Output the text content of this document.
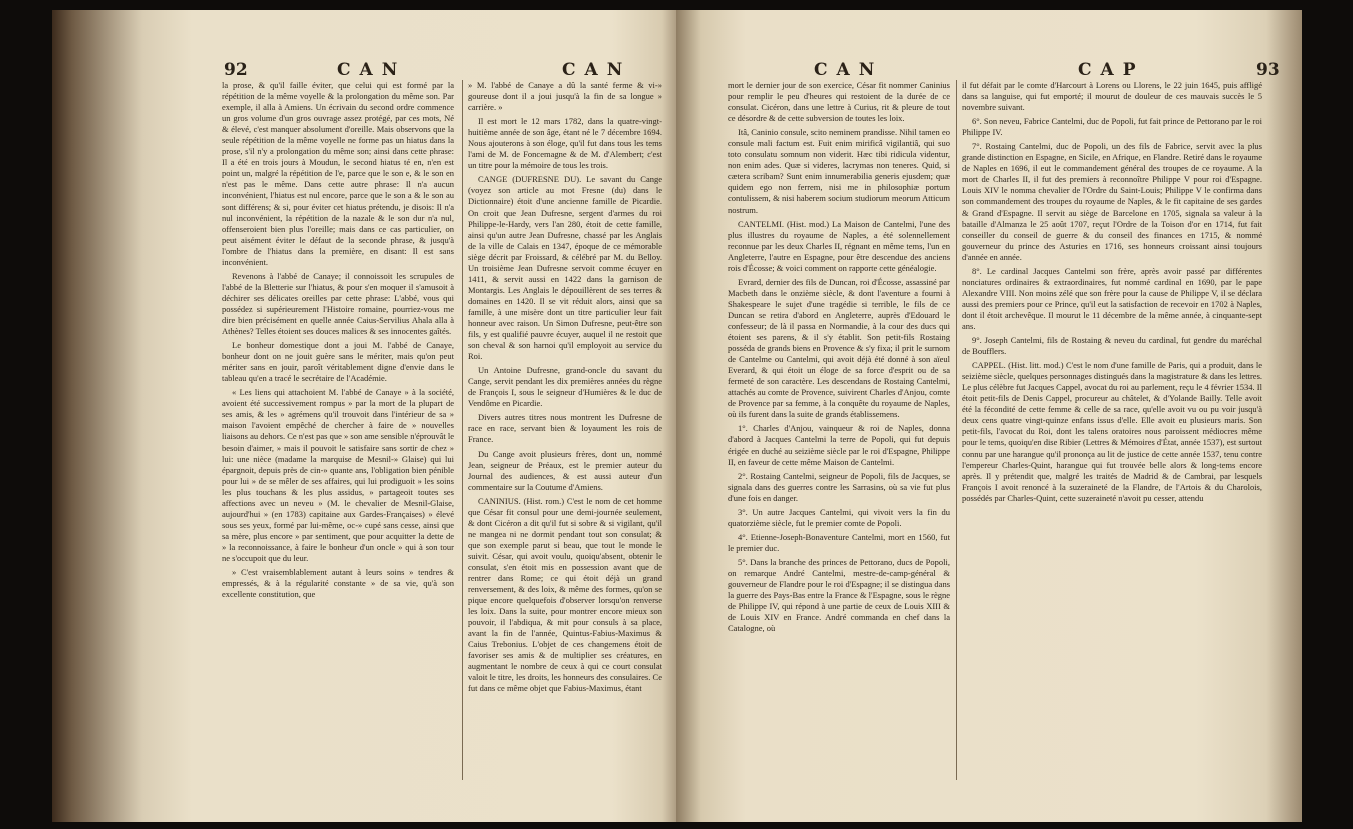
92	CAN	CAN

la prose, & qu'il faille éviter, que celui qui est formé par la répétition de la même voyelle & la prolongation du même son. Par exemple, il alla à Amiens. Un écrivain du second ordre commence un gros volume d'un gros ouvrage assez protégé, par ces mots, Né & élevé, c'est manquer absolument d'oreille. Mais observons que la seule répétition de la même voyelle ne forme pas un hiatus dans la prose, s'il n'y a prolongation du même son; ainsi dans cette phrase: Il a été en trois jours à Moudun, le second hiatus té en, n'en est point un, malgré la répétition de l'e, parce que le son e, & le son en n'est pas le même. Dans cette autre phrase: Il n'a aucun inconvénient, l'hiatus est nul encore, parce que le son a & le son au sont différens; & si, pour éviter cet hiatus prétendu, je disois: Il n'a nul inconvénient, la répétition de la nazale & le son dur n'a nul, offenseroient bien plus l'oreille; mais dans ce cas particulier, on peut aisément éviter le défaut de la seconde phrase, & jusqu'à l'ombre de l'hiatus dans la première, en disant: Il est sans inconvénient.

Revenons à l'abbé de Canaye; il connoissoit les scrupules de l'abbé de la Bletterie sur l'hiatus, & pour s'en moquer il s'amusoit à déchirer ses délicates oreilles par cette phrase: L'abbé, vous qui possédez si supérieurement l'Histoire romaine, pourriez-vous me dire bien précisément en quelle année Caius-Servilius Ahala alla à Athènes? Telles étoient ses douces malices & ses innocentes gaîtés.

Le bonheur domestique dont a joui M. l'abbé de Canaye, bonheur dont on ne jouit guère sans le mériter, mais qu'on peut mériter sans en jouir, paroît véritablement digne d'envie dans le tableau qu'en a tracé le secrétaire de l'Académie.

« Les liens qui attachoient M. l'abbé de Canaye » à la société, avoient été successivement rompus » par la mort de la plupart de ses amis, & les » agrémens qu'il trouvoit dans l'intérieur de sa » maison l'avoient empêché de chercher à faire de » nouvelles liaisons au dehors. Ce n'est pas que » son ame sensible n'éprouvât le besoin d'aimer, » mais il pouvoit le satisfaire sans sortir de chez » lui: une nièce (madame la marquise de Mesnil-» Glaise) qui lui épargnoit, depuis près de cin-» quante ans, l'obligation bien pénible pour lui » de se mêler de ses affaires, qui lui prodiguoit » les soins les plus touchans & les plus assidus, » partageoit toutes ses affections avec un neveu » (M. le chevalier de Mesnil-Glaise, aujourd'hui » (en 1783) capitaine aux Gardes-Françaises) » élevé sous ses yeux, formé par lui-même, oc-» cupé sans cesse, ainsi que sa mère, plus encore » par sentiment, que pour acquitter la dette de » la reconnoissance, à faire le bonheur d'un oncle » qui à son tour ne s'occupoit que du leur.

» C'est vraisemblablement autant à leurs soins » tendres & empressés, & à la régularité constante » de sa vie, qu'à son excellente constitution, que

» M. l'abbé de Canaye a dû la santé ferme & vi-» goureuse dont il a joui jusqu'à la fin de sa longue » carrière. »

Il est mort le 12 mars 1782, dans la quatre-vingt-huitième année de son âge, étant né le 7 décembre 1694. Nous ajouterons à son éloge, qu'il fut dans tous les tems l'ami de M. de Foncemagne & de M. d'Alembert; c'est un titre pour la mémoire de tous les trois.

CANGE (DUFRESNE DU). Le savant du Cange (voyez son article au mot Fresne (du) dans le Dictionnaire) étoit d'une ancienne famille de Picardie. On croit que Jean Dufresne, sergent d'armes du roi Philippe-le-Hardy, vers l'an 280, étoit de cette famille, ainsi qu'un autre Jean Dufresne, chassé par les Anglais de la ville de Calais en 1347, époque de ce mémorable siège décrit par Froissard, & célébré par M. du Belloy. Un troisième Jean Dufresne servoit comme écuyer en 1411, & servit aussi en 1422 dans la garnison de Montargis. Les Anglais le dépouillèrent de ses terres & domaines en 1420. Il se vit réduit alors, ainsi que sa famille, à une misère dont un titre particulier leur fait honneur avec raison. Un Simon Dufresne, peut-être son fils, y est qualifié pauvre écuyer, auquel il ne restoit que son cheval & son harnoi qu'il employoit au service du Roi.

Un Antoine Dufresne, grand-oncle du savant du Cange, servit pendant les dix premières années du règne de François I, sous le seigneur d'Humières & le duc de Vendôme en Picardie.

Divers autres titres nous montrent les Dufresne de race en race, servant bien & loyaument les rois de France.

Du Cange avoit plusieurs frères, dont un, nommé Jean, seigneur de Préaux, est le premier auteur du Journal des audiences, & est aussi auteur d'un commentaire sur la Coutume d'Amiens.

CANINIUS. (Hist. rom.) C'est le nom de cet homme que César fit consul pour une demi-journée seulement, & dont Cicéron a dit qu'il fut si sobre & si vigilant, qu'il ne mangea ni ne dormit pendant tout son consulat; & que son exemple parut si beau, que tout le monde le suivit. César, qui avoit voulu, quoiqu'absent, obtenir le consulat, s'en étoit mis en possession avant que de rentrer dans Rome; ce qui étoit déjà un grand renversement, & des loix, & même des formes, qu'on se pique encore quelquefois d'observer lorsqu'on renverse les loix. Dans la suite, pour montrer encore mieux son pouvoir, il l'abdiqua, & mit pour consuls à sa place, avant la fin de l'année, Quintus-Fabius-Maximus & Caius Trebonius. L'objet de ces changemens étoit de favoriser ses amis & de multiplier ses créatures, en augmentant le nombre de ceux à qui ce court consulat valoit le titre, les droits, les honneurs des consulaires. Ce fut dans ce même objet que Fabius-Maximus, étant

CAN	CAP	93

mort le dernier jour de son exercice, César fit nommer Caninius pour remplir le peu d'heures qui restoient de la durée de ce consulat. Cicéron, dans une lettre à Curius, rit & pleure de tout ce désordre & de cette subversion de toutes les loix.

Itâ, Caninio consule, scito neminem prandisse. Nihil tamen eo consule mali factum est. Fuit enim mirificâ vigilantiâ, qui suo toto consulatu somnum non viderit. Hæc tibi ridicula videntur, non enim ades. Quæ si videres, lacrymas non teneres. Quid, si cætera scribam? Sunt enim innumerabilia generis ejusdem; quæ quidem ego non ferrem, nisi me in philosophiæ portum contulissem, & nisi haberem socium studiorum meorum Atticum nostrum.

CANTELMI. (Hist. mod.) La Maison de Cantelmi, l'une des plus illustres du royaume de Naples, a été solennellement reconnue par les deux Charles II, régnant en même tems, l'un en Angleterre, l'autre en Espagne, pour être descendue des anciens rois d'Écosse; & voici comment on rapporte cette généalogie.

Evrard, dernier des fils de Duncan, roi d'Écosse, assassiné par Macbeth dans le onzième siècle, & dont l'aventure a fourni à Shakespeare le sujet d'une tragédie si terrible, le fils de ce Duncan se retira d'abord en Angleterre, auprès d'Edouard le confesseur; de là il passa en Normandie, à la cour des ducs qui étoient ses parens, & il s'y établit. Son petit-fils Rostaing posséda de grands biens en Provence & s'y fixa; il prit le surnom de Cantelme ou Cantelmi, qui avoit déjà été donné à son aïeul Everard, & qui étoit un éloge de sa force d'esprit ou de sa fermeté de son caractère. Les descendans de Rostaing Cantelmi, attachés au comte de Provence, suivirent Charles d'Anjou, comte de Provence par sa femme, à la conquête du royaume de Naples, où ils furent dans la suite de grands établissemens.

1°. Charles d'Anjou, vainqueur & roi de Naples, donna d'abord à Jacques Cantelmi la terre de Popoli, qui fut depuis érigée en duché au seizième siècle par le roi d'Espagne, Philippe II, en faveur de cette même Maison de Cantelmi.

2°. Rostaing Cantelmi, seigneur de Popoli, fils de Jacques, se signala dans des guerres contre les Sarrasins, où sa vie fut plus d'une fois en danger.

3°. Un autre Jacques Cantelmi, qui vivoit vers la fin du quatorzième siècle, fut le premier comte de Popoli.

4°. Etienne-Joseph-Bonaventure Cantelmi, mort en 1560, fut le premier duc.

5°. Dans la branche des princes de Pettorano, ducs de Popoli, on remarque André Cantelmi, mestre-de-camp-général & gouverneur de Flandre pour le roi d'Espagne; il se distingua dans la guerre des Pays-Bas entre la France & l'Espagne, sous le règne de Philippe IV, qui répond à une partie de ceux de Louis XIII & de Louis XIV en France. André commanda en chef dans la Catalogne, où

il fut défait par le comte d'Harcourt à Lorens ou Llorens, le 22 juin 1645, puis affligé dans sa languise, qui fut emporté; il mourut de douleur de ces mauvais succès le 5 novembre suivant.

6°. Son neveu, Fabrice Cantelmi, duc de Popoli, fut fait prince de Pettorano par le roi Philippe IV.

7°. Rostaing Cantelmi, duc de Popoli, un des fils de Fabrice, servit avec la plus grande distinction en Espagne, en Sicile, en Afrique, en Flandre. Retiré dans le royaume de Naples en 1696, il eut le commandement général des troupes de ce royaume. A la mort de Charles II, il fut des premiers à reconnoître Philippe V pour roi d'Espagne. Louis XIV le nomma chevalier de l'Ordre du Saint-Louis; Philippe V le confirma dans son commandement des troupes du royaume de Naples, & le fit capitaine de ses gardes & Grand d'Espagne. Il servit au siège de Barcelone en 1705, signala sa valeur à la bataille d'Almanza le 25 août 1707, reçut l'Ordre de la Toison d'or en 1714, fut fait conseiller du conseil de guerre & du conseil des finances en 1715, & nommé gouverneur du prince des Asturies en 1716, ses honneurs croissant ainsi toujours d'année en année.

8°. Le cardinal Jacques Cantelmi son frère, après avoir passé par différentes nonciatures ordinaires & extraordinaires, fut nommé cardinal en 1690, par le pape Alexandre VIII. Non moins zélé que son frère pour la cause de Philippe V, il se déclara aussi des premiers pour ce Prince, qu'il eut la satisfaction de recevoir en 1702 à Naples, dont il étoit archevêque. Il mourut le 11 décembre de la même année, à cinquante-sept ans.

9°. Joseph Cantelmi, fils de Rostaing & neveu du cardinal, fut gendre du maréchal de Boufflers.

CAPPEL. (Hist. litt. mod.) C'est le nom d'une famille de Paris, qui a produit, dans le seizième siècle, quelques personnages distingués dans la magistrature & dans les lettres. Le plus célèbre fut Jacques Cappel, avocat du roi au parlement, reçu le 4 février 1534. Il étoit petit-fils de Denis Cappel, procureur au châtelet, & d'Yolande Bailly. Telle avoit été la fécondité de cette femme & celle de sa race, qu'elle avoit vu ou pu voir jusqu'à deux cens quatre vingt-quinze enfans issus d'elle. Elle avoit eu plusieurs maris. Son petit-fils, l'avocat du Roi, dont les talens oratoires nous paroissent médiocres même pour le tems, quoiqu'en dise Ribier (Lettres & Mémoires d'État, année 1537), est surtout connu par une harangue qu'il prononça au lit de justice de cette année 1537, tenu contre l'empereur Charles-Quint, harangue qui fut trouvée belle alors & long-tems encore après. Il y prétendit que, malgré les traités de Madrid & de Cambrai, par lesquels François I avoit renoncé à la suzeraineté de la Flandre, de l'Artois & du Charolois, possédés par Charles-Quint, cette suzeraineté n'avoit pu cesser, attendu
